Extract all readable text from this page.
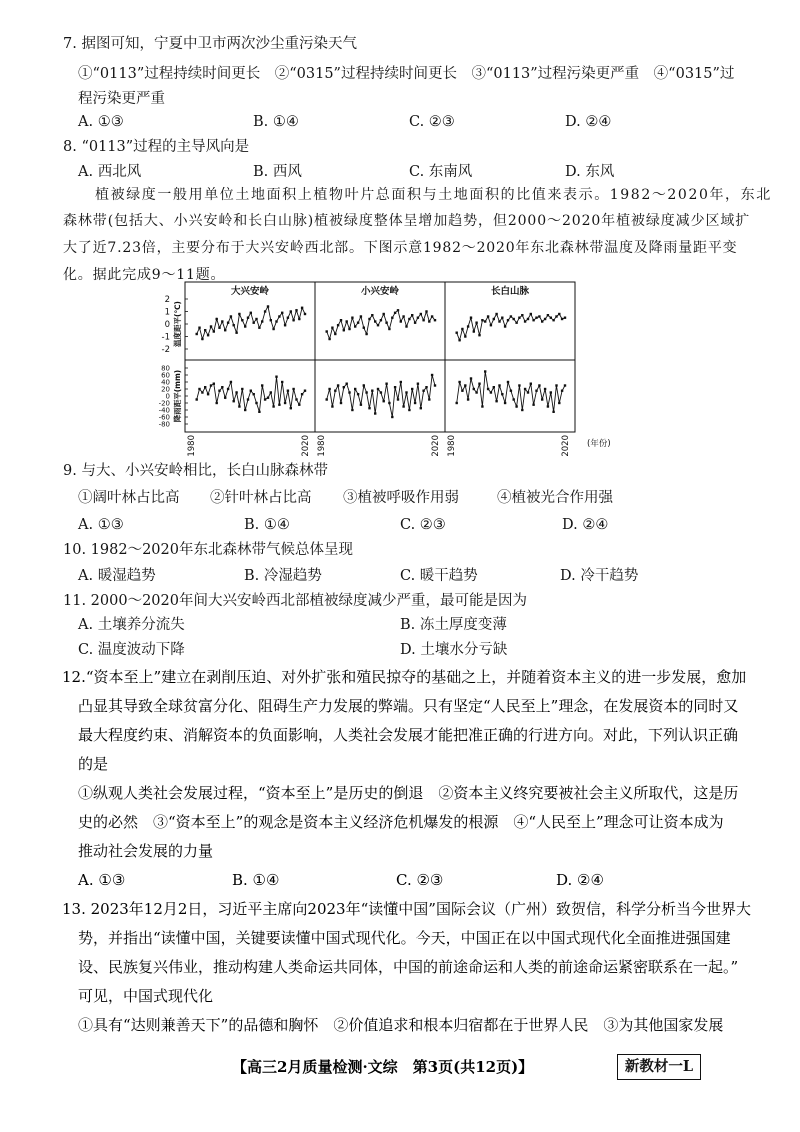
7. 据图可知，宁夏中卫市两次沙尘重污染天气
①“0113”过程持续时间更长　②“0315”过程持续时间更长　③“0113”过程污染更严重　④“0315”过
程污染更严重
A. ①③	B. ①④	C. ②③	D. ②④
8. “0113”过程的主导风向是
A. 西北风	B. 西风	C. 东南风	D. 东风
植被绿度一般用单位土地面积上植物叶片总面积与土地面积的比值来表示。1982～2020年，东北
森林带(包括大、小兴安岭和长白山脉)植被绿度整体呈增加趋势，但2000～2020年植被绿度减少区域扩
大了近7.23倍，主要分布于大兴安岭西北部。下图示意1982～2020年东北森林带温度及降雨量距平变
化。据此完成9～11题。
2
1
0
-1
-2
温度距平(℃)
80
60
40
20
0
-20
-40
-60
-80
降雨距平(mm)
大兴安岭
1980	2020
小兴安岭
1980	2020
长白山脉
1980	2020 (年份)
9. 与大、小兴安岭相比，长白山脉森林带
①阔叶林占比高 ②针叶林占比高 ③植被呼吸作用弱	④植被光合作用强
A. ①③	B. ①④	C. ②③	D. ②④
10. 1982～2020年东北森林带气候总体呈现
A. 暖湿趋势	B. 冷湿趋势	C. 暖干趋势	D. 冷干趋势
11. 2000～2020年间大兴安岭西北部植被绿度减少严重，最可能是因为
A. 土壤养分流失	B. 冻土厚度变薄
C. 温度波动下降	D. 土壤水分亏缺
12.“资本至上”建立在剥削压迫、对外扩张和殖民掠夺的基础之上，并随着资本主义的进一步发展，愈加
凸显其导致全球贫富分化、阻碍生产力发展的弊端。只有坚定“人民至上”理念，在发展资本的同时又
最大程度约束、消解资本的负面影响，人类社会发展才能把准正确的行进方向。对此，下列认识正确
的是
①纵观人类社会发展过程，“资本至上”是历史的倒退　②资本主义终究要被社会主义所取代，这是历
史的必然　③“资本至上”的观念是资本主义经济危机爆发的根源　④“人民至上”理念可让资本成为
推动社会发展的力量
A. ①③	B. ①④	C. ②③	D. ②④
13. 2023年12月2日，习近平主席向2023年“读懂中国”国际会议（广州）致贺信，科学分析当今世界大
势，并指出“读懂中国，关键要读懂中国式现代化。今天，中国正在以中国式现代化全面推进强国建
设、民族复兴伟业，推动构建人类命运共同体，中国的前途命运和人类的前途命运紧密联系在一起。”
可见，中国式现代化
①具有“达则兼善天下”的品德和胸怀　②价值追求和根本归宿都在于世界人民　③为其他国家发展
【高三2月质量检测·文综　第3页(共12页)】	新教材一L
